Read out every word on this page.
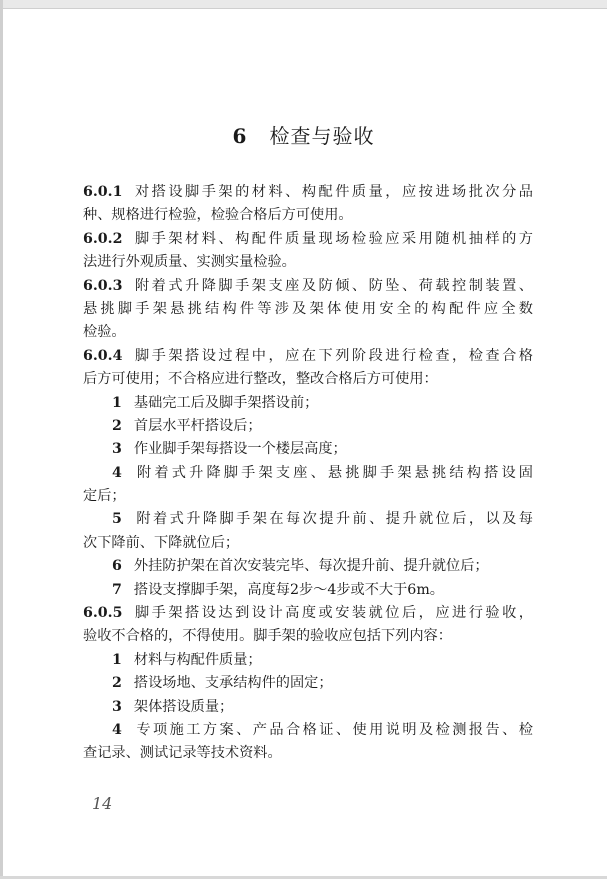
6 检查与验收
6.0.1 对搭设脚手架的材料、构配件质量，应按进场批次分品
种、规格进行检验，检验合格后方可使用。
6.0.2 脚手架材料、构配件质量现场检验应采用随机抽样的方
法进行外观质量、实测实量检验。
6.0.3 附着式升降脚手架支座及防倾、防坠、荷载控制装置、
悬挑脚手架悬挑结构件等涉及架体使用安全的构配件应全数
检验。
6.0.4 脚手架搭设过程中，应在下列阶段进行检查，检查合格
后方可使用；不合格应进行整改，整改合格后方可使用：
1 基础完工后及脚手架搭设前；
2 首层水平杆搭设后；
3 作业脚手架每搭设一个楼层高度；
4 附着式升降脚手架支座、悬挑脚手架悬挑结构搭设固
定后；
5 附着式升降脚手架在每次提升前、提升就位后，以及每
次下降前、下降就位后；
6 外挂防护架在首次安装完毕、每次提升前、提升就位后；
7 搭设支撑脚手架，高度每2步～4步或不大于6m。
6.0.5 脚手架搭设达到设计高度或安装就位后，应进行验收，
验收不合格的，不得使用。脚手架的验收应包括下列内容：
1 材料与构配件质量；
2 搭设场地、支承结构件的固定；
3 架体搭设质量；
4 专项施工方案、产品合格证、使用说明及检测报告、检
查记录、测试记录等技术资料。
14
